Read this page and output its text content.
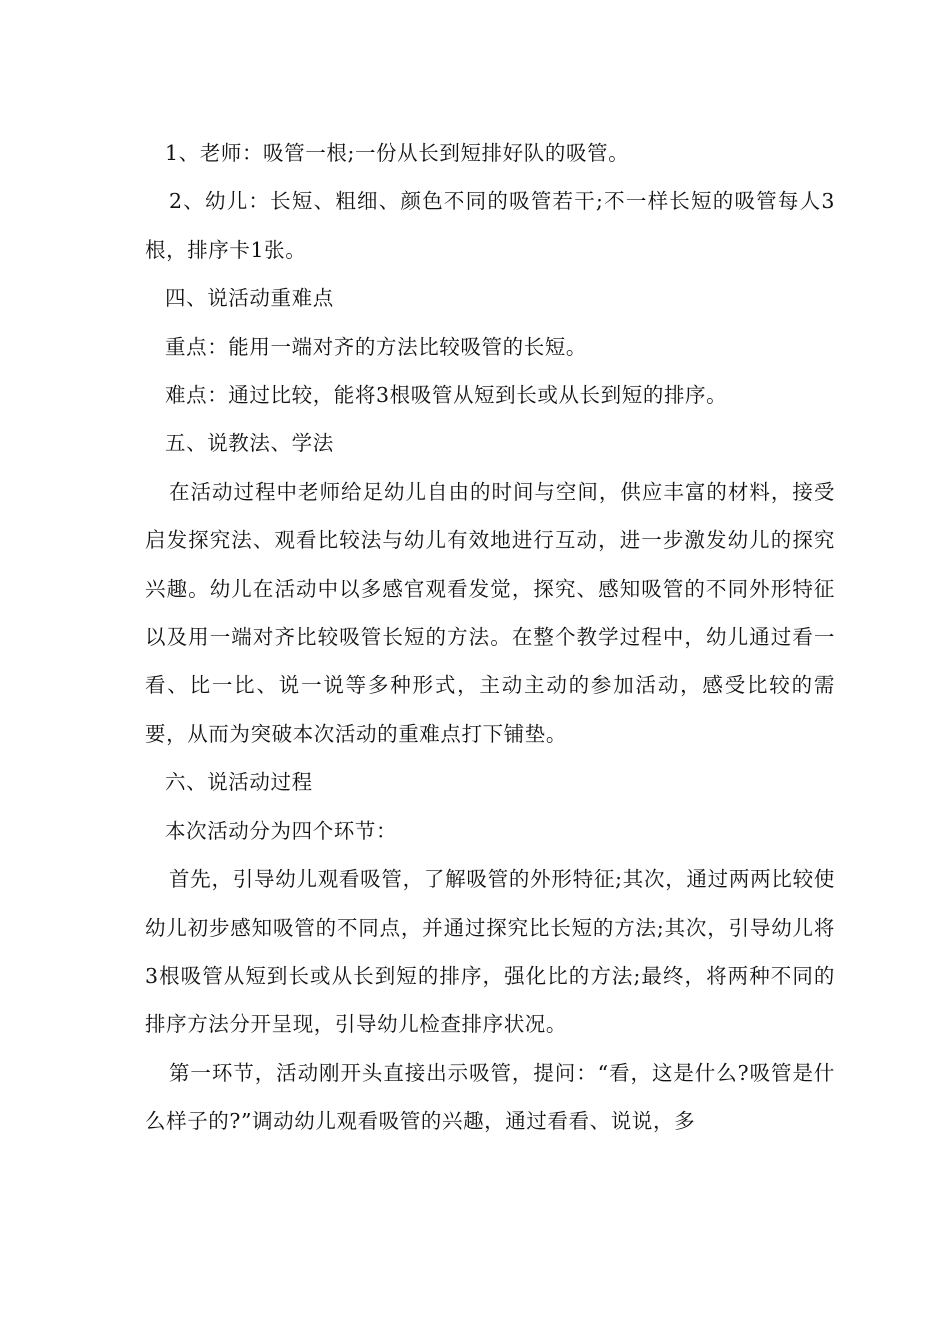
1、老师：吸管一根;一份从长到短排好队的吸管。

2、幼儿：长短、粗细、颜色不同的吸管若干;不一样长短的吸管每人3根，排序卡1张。

四、说活动重难点

重点：能用一端对齐的方法比较吸管的长短。

难点：通过比较，能将3根吸管从短到长或从长到短的排序。

五、说教法、学法

在活动过程中老师给足幼儿自由的时间与空间，供应丰富的材料，接受启发探究法、观看比较法与幼儿有效地进行互动，进一步激发幼儿的探究兴趣。幼儿在活动中以多感官观看发觉，探究、感知吸管的不同外形特征以及用一端对齐比较吸管长短的方法。在整个教学过程中，幼儿通过看一看、比一比、说一说等多种形式，主动主动的参加活动，感受比较的需要，从而为突破本次活动的重难点打下铺垫。

六、说活动过程

本次活动分为四个环节：

首先，引导幼儿观看吸管，了解吸管的外形特征;其次，通过两两比较使幼儿初步感知吸管的不同点，并通过探究比长短的方法;其次，引导幼儿将3根吸管从短到长或从长到短的排序，强化比的方法;最终，将两种不同的排序方法分开呈现，引导幼儿检查排序状况。

第一环节，活动刚开头直接出示吸管，提问：“看，这是什么?吸管是什么样子的?”调动幼儿观看吸管的兴趣，通过看看、说说，多
